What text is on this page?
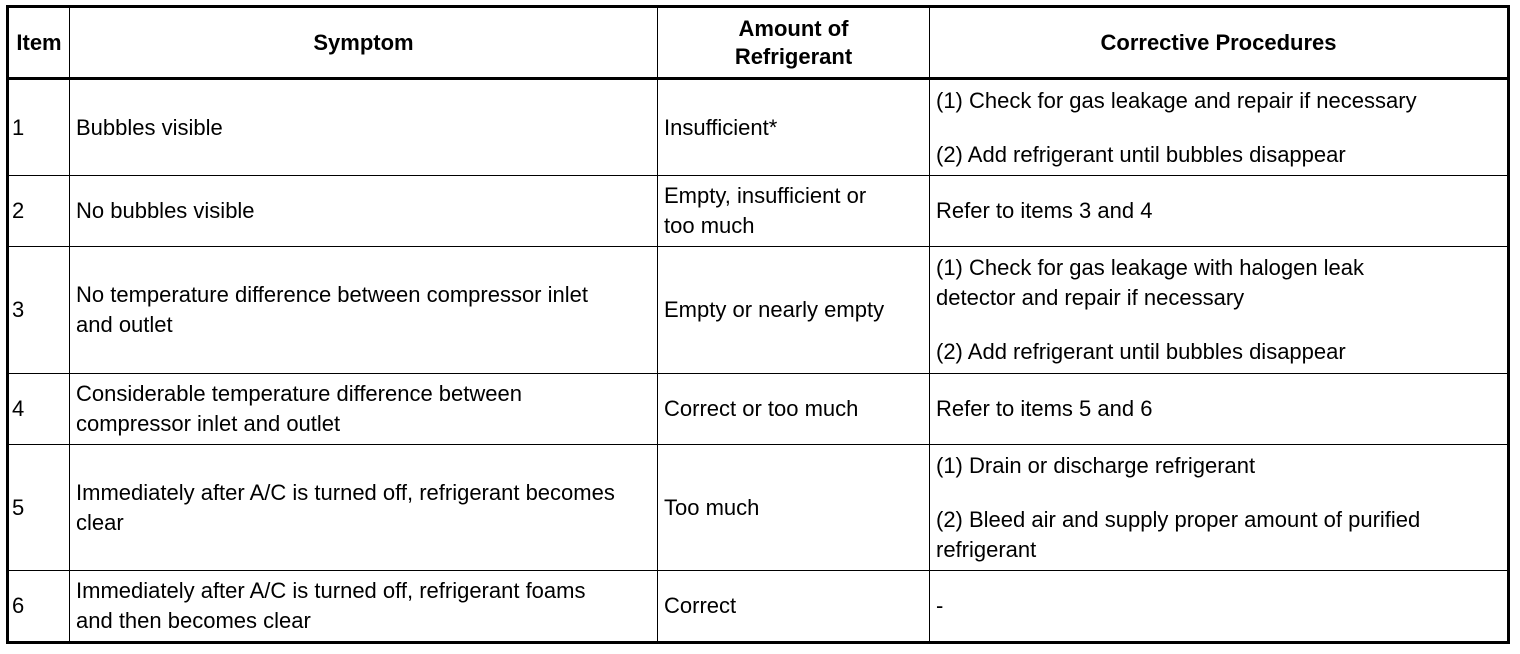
Item	Symptom	Amount of Refrigerant	Corrective Procedures
1	Bubbles visible	Insufficient*	(1) Check for gas leakage and repair if necessary
(2) Add refrigerant until bubbles disappear

2	No bubbles visible	Empty, insufficient or too much	Refer to items 3 and 4

3	No temperature difference between compressor inlet and outlet	Empty or nearly empty	(1) Check for gas leakage with halogen leak detector and repair if necessary
(2) Add refrigerant until bubbles disappear

4	Considerable temperature difference between compressor inlet and outlet	Correct or too much	Refer to items 5 and 6

5	Immediately after A/C is turned off, refrigerant becomes clear	Too much	(1) Drain or discharge refrigerant
(2) Bleed air and supply proper amount of purified refrigerant

6	Immediately after A/C is turned off, refrigerant foams and then becomes clear	Correct	-
